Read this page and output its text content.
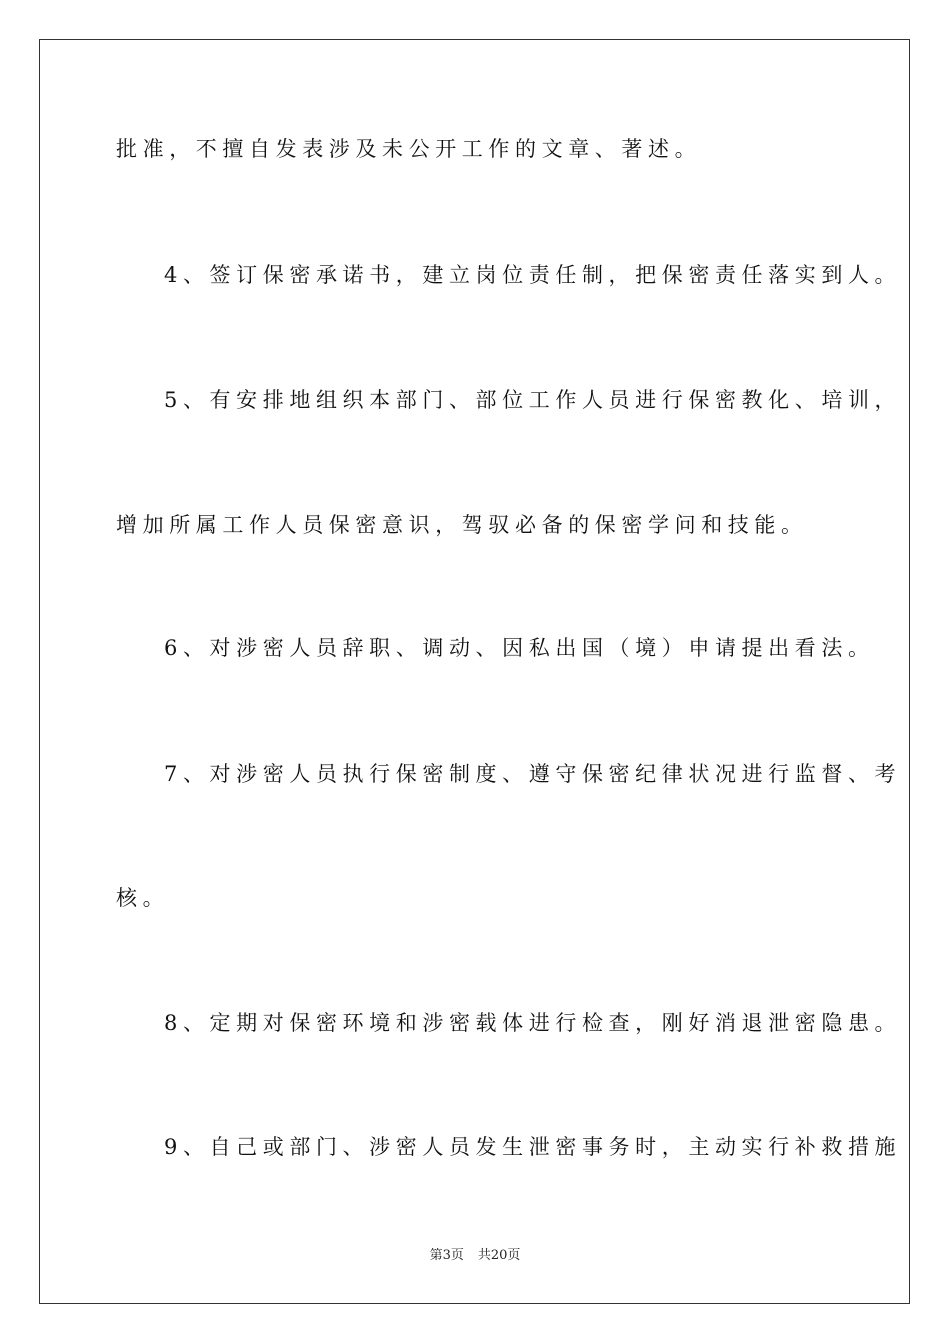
批准，不擅自发表涉及未公开工作的文章、著述。
4、签订保密承诺书，建立岗位责任制，把保密责任落实到人。
5、有安排地组织本部门、部位工作人员进行保密教化、培训，
增加所属工作人员保密意识，驾驭必备的保密学问和技能。
6、对涉密人员辞职、调动、因私出国（境）申请提出看法。
7、对涉密人员执行保密制度、遵守保密纪律状况进行监督、考
核。
8、定期对保密环境和涉密载体进行检查，刚好消退泄密隐患。
9、自己或部门、涉密人员发生泄密事务时，主动实行补救措施
第3页 共20页
